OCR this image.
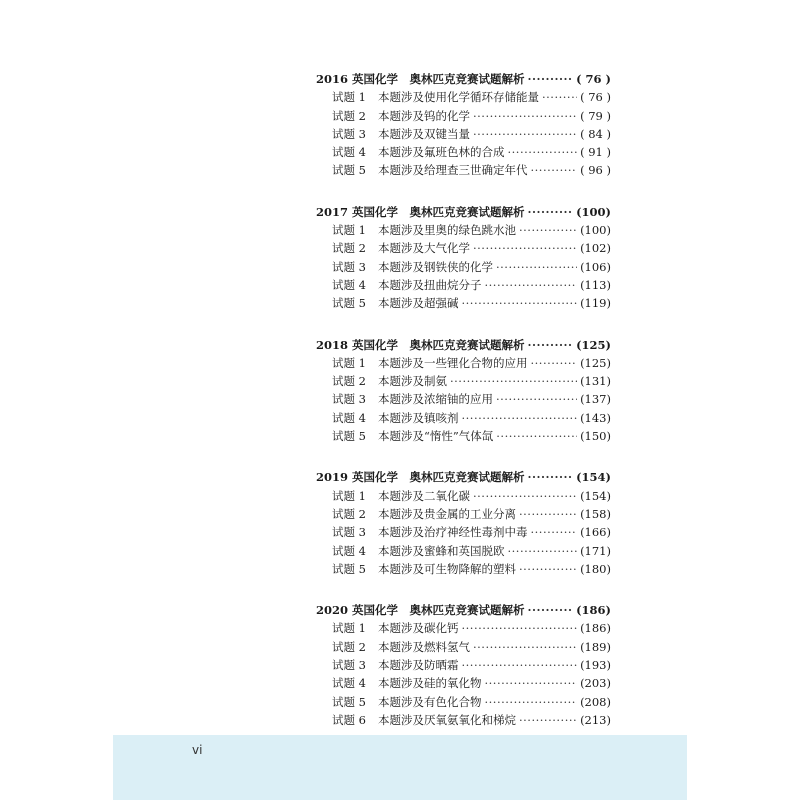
2016 英国化学　奥林匹克竞赛试题解析 ·····	( 76 )
试题 1	本题涉及使用化学循环存储能量 ·····	( 76 )
试题 2	本题涉及钨的化学 ·····	( 79 )
试题 3	本题涉及双键当量 ·····	( 84 )
试题 4	本题涉及氟班色林的合成 ·····	( 91 )
试题 5	本题涉及给理查三世确定年代 ·····	( 96 )
2017 英国化学　奥林匹克竞赛试题解析 ·····	(100)
试题 1	本题涉及里奥的绿色跳水池 ·····	(100)
试题 2	本题涉及大气化学 ·····	(102)
试题 3	本题涉及钢铁侠的化学 ·····	(106)
试题 4	本题涉及扭曲烷分子 ·····	(113)
试题 5	本题涉及超强碱 ·····	(119)
2018 英国化学　奥林匹克竞赛试题解析 ·····	(125)
试题 1	本题涉及一些锂化合物的应用 ·····	(125)
试题 2	本题涉及制氨 ·····	(131)
试题 3	本题涉及浓缩铀的应用 ·····	(137)
试题 4	本题涉及镇咳剂 ·····	(143)
试题 5	本题涉及“惰性”气体氙 ·····	(150)
2019 英国化学　奥林匹克竞赛试题解析 ·····	(154)
试题 1	本题涉及二氧化碳 ·····	(154)
试题 2	本题涉及贵金属的工业分离 ·····	(158)
试题 3	本题涉及治疗神经性毒剂中毒 ·····	(166)
试题 4	本题涉及蜜蜂和英国脱欧 ·····	(171)
试题 5	本题涉及可生物降解的塑料 ·····	(180)
2020 英国化学　奥林匹克竞赛试题解析 ·····	(186)
试题 1	本题涉及碳化钙 ·····	(186)
试题 2	本题涉及燃料氢气 ·····	(189)
试题 3	本题涉及防晒霜 ·····	(193)
试题 4	本题涉及硅的氧化物 ·····	(203)
试题 5	本题涉及有色化合物 ·····	(208)
试题 6	本题涉及厌氧氨氧化和梯烷 ·····	(213)
vi
